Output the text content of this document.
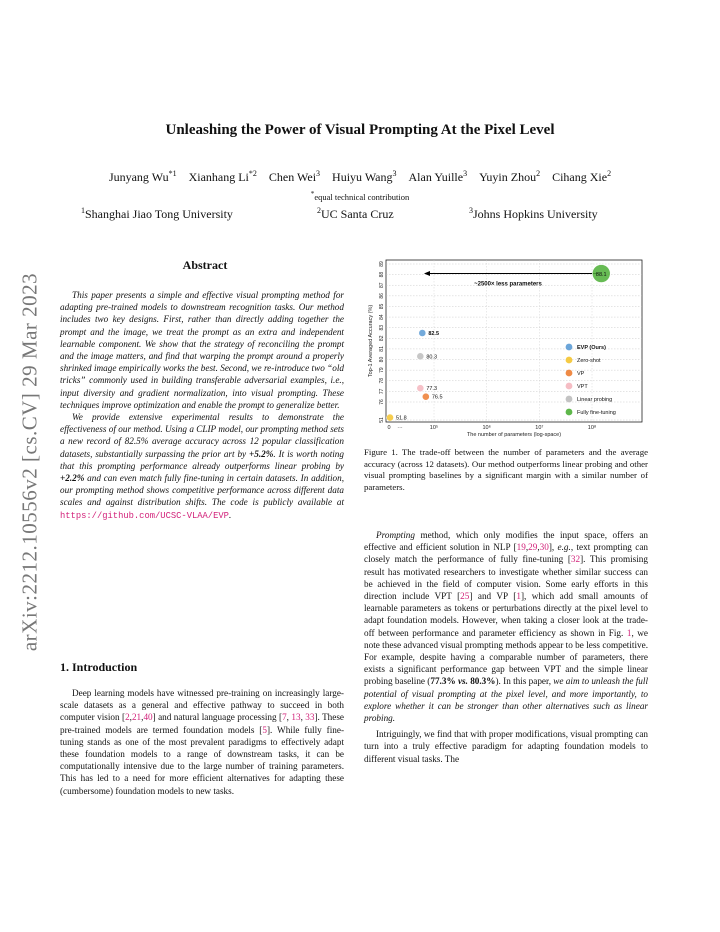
Unleashing the Power of Visual Prompting At the Pixel Level
Junyang Wu$^{*1}$  Xianhang Li$^{*2}$  Chen Wei$^3$  Huiyu Wang$^3$  Alan Yuille$^3$  Yuyin Zhou$^2$  Cihang Xie$^2$
*equal technical contribution
$^1$Shanghai Jiao Tong University	$^2$UC Santa Cruz	$^3$Johns Hopkins University
arXiv:2212.10556v2 [cs.CV] 29 Mar 2023
Abstract

This paper presents a simple and effective visual prompting method for adapting pre-trained models to downstream recognition tasks. Our method includes two key designs. First, rather than directly adding together the prompt and the image, we treat the prompt as an extra and independent learnable component. We show that the strategy of reconciling the prompt and the image matters, and find that warping the prompt around a properly shrinked image empirically works the best. Second, we re-introduce two “old tricks” commonly used in building transferable adversarial examples, i.e., input diversity and gradient normalization, into visual prompting. These techniques improve optimization and enable the prompt to generalize better.

We provide extensive experimental results to demonstrate the effectiveness of our method. Using a CLIP model, our prompting method sets a new record of 82.5% average accuracy across 12 popular classification datasets, substantially surpassing the prior art by +5.2%. It is worth noting that this prompting performance already outperforms linear probing by +2.2% and can even match fully fine-tuning in certain datasets. In addition, our prompting method shows competitive performance across different data scales and against distribution shifts. The code is publicly available at https://github.com/UCSC-VLAA/EVP.

1. Introduction

Deep learning models have witnessed pre-training on increasingly large-scale datasets as a general and effective pathway to succeed in both computer vision [2,21,40] and natural language processing [7, 13, 33]. These pre-trained models are termed foundation models [5]. While fully fine-tuning stands as one of the most prevalent paradigms to effectively adapt these foundation models to a range of downstream tasks, it can be computationally intensive due to the large number of training parameters. This has led to a need for more efficient alternatives for adapting these (cumbersome) foundation models to new tasks.

51
76
77
78
79
80
81
82
83
84
85
86
87
88
89
0 ···	10⁵	10⁶	10⁷	10⁸
The number of parameters (log-space)
Top-1 Averaged Accuracy (%)
~2500× less parameters
82.5
51.8
76.5
77.3
80.3
88.1
EVP (Ours)
Zero-shot
VP
VPT
Linear probing
Fully fine-tuning
Figure 1. The trade-off between the number of parameters and the average accuracy (across 12 datasets). Our method outperforms linear probing and other visual prompting baselines by a significant margin with a similar number of parameters.

Prompting method, which only modifies the input space, offers an effective and efficient solution in NLP [19,29,30], e.g., text prompting can closely match the performance of fully fine-tuning [32]. This promising result has motivated researchers to investigate whether similar success can be achieved in the field of computer vision. Some early efforts in this direction include VPT [25] and VP [1], which add small amounts of learnable parameters as tokens or perturbations directly at the pixel level to adapt foundation models. However, when taking a closer look at the trade-off between performance and parameter efficiency as shown in Fig. 1, we note these advanced visual prompting methods appear to be less competitive. For example, despite having a comparable number of parameters, there exists a significant performance gap between VPT and the simple linear probing baseline (77.3% vs. 80.3%). In this paper, we aim to unleash the full potential of visual prompting at the pixel level, and more importantly, to explore whether it can be stronger than other alternatives such as linear probing.

Intriguingly, we find that with proper modifications, visual prompting can turn into a truly effective paradigm for adapting foundation models to different visual tasks. The
